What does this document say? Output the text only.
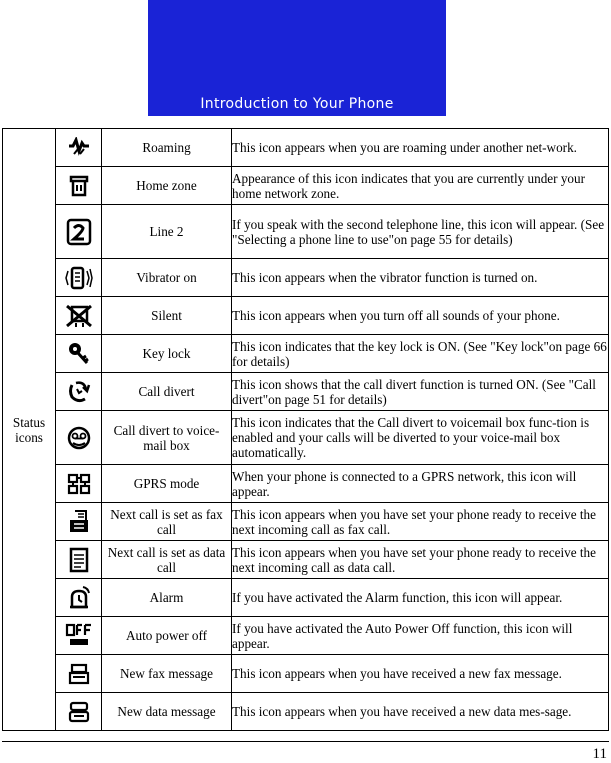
Introduction to Your Phone
Status icons		Roaming	This icon appears when you are roaming under another net-work.

	Home zone	Appearance of this icon indicates that you are currently under your home network zone.

	Line 2	If you speak with the second telephone line, this icon will appear. (See "Selecting a phone line to use"on page 55 for details)

	Vibrator on	This icon appears when the vibrator function is turned on.

	Silent	This icon appears when you turn off all sounds of your phone.

	Key lock	This icon indicates that the key lock is ON. (See "Key lock"on page 66 for details)

	Call divert	This icon shows that the call divert function is turned ON. (See "Call divert"on page 51 for details)

	Call divert to voice-mail box	This icon indicates that the Call divert to voicemail box func-tion is enabled and your calls will be diverted to your voice-mail box automatically.

	GPRS mode	When your phone is connected to a GPRS network, this icon will appear.

	Next call is set as fax call	This icon appears when you have set your phone ready to receive the next incoming call as fax call.

	Next call is set as data call	This icon appears when you have set your phone ready to receive the next incoming call as data call.

	Alarm	If you have activated the Alarm function, this icon will appear.

	Auto power off	If you have activated the Auto Power Off function, this icon will appear.

	New fax message	This icon appears when you have received a new fax message.

	New data message	This icon appears when you have received a new data mes-sage.
11
